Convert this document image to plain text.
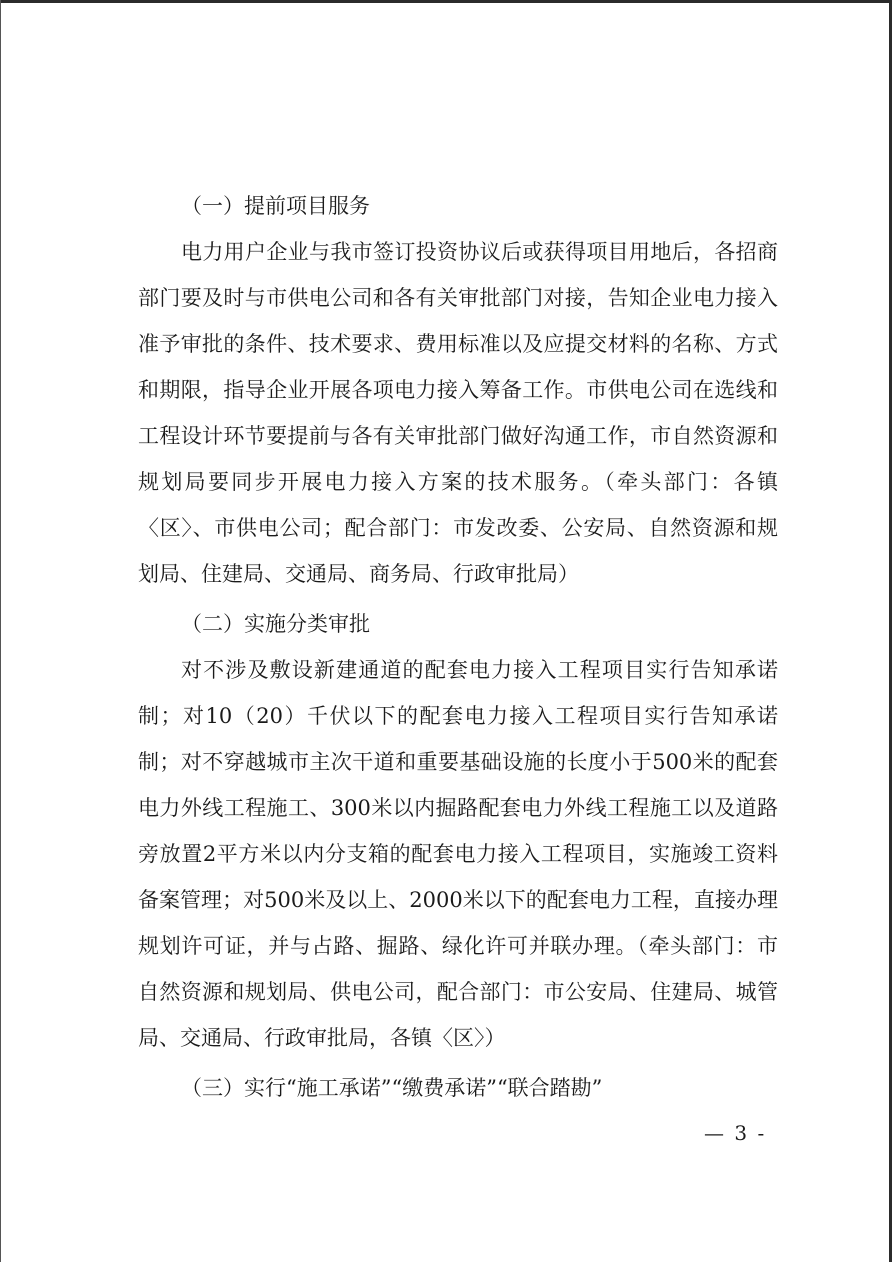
（一）提前项目服务

电力用户企业与我市签订投资协议后或获得项目用地后，各招商部门要及时与市供电公司和各有关审批部门对接，告知企业电力接入准予审批的条件、技术要求、费用标准以及应提交材料的名称、方式和期限，指导企业开展各项电力接入筹备工作。市供电公司在选线和工程设计环节要提前与各有关审批部门做好沟通工作，市自然资源和规划局要同步开展电力接入方案的技术服务。（牵头部门：各镇〈区〉、市供电公司；配合部门：市发改委、公安局、自然资源和规划局、住建局、交通局、商务局、行政审批局）

（二）实施分类审批

对不涉及敷设新建通道的配套电力接入工程项目实行告知承诺制；对10（20）千伏以下的配套电力接入工程项目实行告知承诺制；对不穿越城市主次干道和重要基础设施的长度小于500米的配套电力外线工程施工、300米以内掘路配套电力外线工程施工以及道路旁放置2平方米以内分支箱的配套电力接入工程项目，实施竣工资料备案管理；对500米及以上、2000米以下的配套电力工程，直接办理规划许可证，并与占路、掘路、绿化许可并联办理。（牵头部门：市自然资源和规划局、供电公司，配合部门：市公安局、住建局、城管局、交通局、行政审批局，各镇〈区〉）

（三）实行“施工承诺”“缴费承诺”“联合踏勘”

— 3 -
